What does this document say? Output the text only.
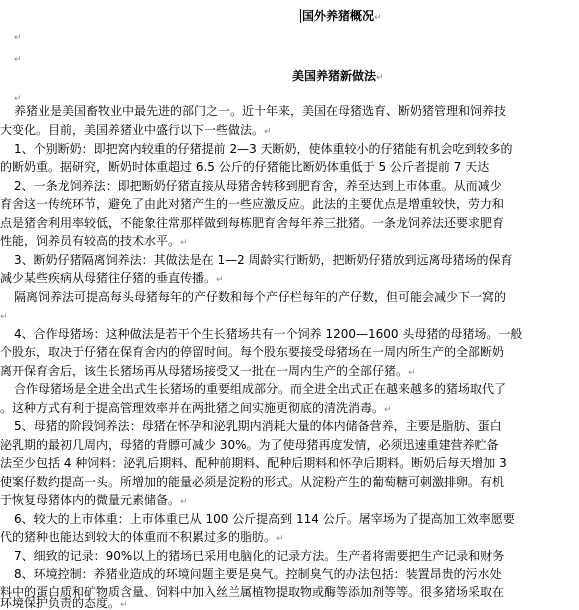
国外养猪概况↵
↵
↵
美国养猪新做法↵
↵
养猪业是美国畜牧业中最先进的部门之一。近十年来，美国在母猪选育、断奶猪管理和饲养技
大变化。目前，美国养猪业中盛行以下一些做法。↵
1、个别断奶：即把窝内较重的仔猪提前 2—3 天断奶，使体重较小的仔猪能有机会吃到较多的
的断奶重。据研究，断奶时体重超过 6.5 公斤的仔猪能比断奶体重低于 5 公斤者提前 7 天达
2、一条龙饲养法：即把断奶仔猪直接从母猪舍转移到肥育舍，养至达到上市体重。从而减少
育舍这一传统环节，避免了由此对猪产生的一些应激反应。此法的主要优点是增重较快，劳力和
点是猪舍利用率较低，不能象往常那样做到每栋肥育舍每年养三批猪。一条龙饲养法还要求肥育
性能，饲养员有较高的技术水平。↵
3、断奶仔猪隔离饲养法：其做法是在 1—2 周龄实行断奶，把断奶仔猪放到远离母猪场的保育
减少某些疾病从母猪往仔猪的垂直传播。↵
隔离饲养法可提高每头母猪每年的产仔数和每个产仔栏每年的产仔数，但可能会减少下一窝的
↵
4、合作母猪场：这种做法是若干个生长猪场共有一个饲养 1200—1600 头母猪的母猪场。一般
个股东，取决于仔猪在保育舍内的停留时间。每个股东要接受母猪场在一周内所生产的全部断奶
离开保育舍后，该生长猪场再从母猪场接受又一批在一周内生产的全部仔猪。↵
合作母猪场是全进全出式生长猪场的重要组成部分。而全进全出式正在越来越多的猪场取代了
。这种方式有利于提高管理效率并在两批猪之间实施更彻底的清洗消毒。↵
5、母猪的阶段饲养法：母猪在怀孕和泌乳期内消耗大量的体内储备营养，主要是脂肪、蛋白
泌乳期的最初几周内，母猪的背膘可减少 30%。为了使母猪再度发情，必须迅速重建营养贮备
法至少包括 4 种饲料：泌乳后期料、配种前期料、配种后期料和怀孕后期料。断奶后每天增加 3
使案仔数约提高一头。所增加的能量必须是淀粉的形式。从淀粉产生的葡萄糖可刺激排卵。有机
于恢复母猪体内的微量元素储备。↵
6、较大的上市体重：上市体重已从 100 公斤提高到 114 公斤。屠宰场为了提高加工效率愿要
代的猪种也能达到较大的体重而不积累过多的脂肪。↵
7、细致的记录：90%以上的猪场已采用电脑化的记录方法。生产者将需要把生产记录和财务
8、环境控制：养猪业造成的环境问题主要是臭气。控制臭气的办法包括：装置昂贵的污水处
料中的蛋白质和矿物质含量、饲料中加入丝兰属植物提取物或酶等添加剂等等。很多猪场采取在
环境保护负责的态度。↵
